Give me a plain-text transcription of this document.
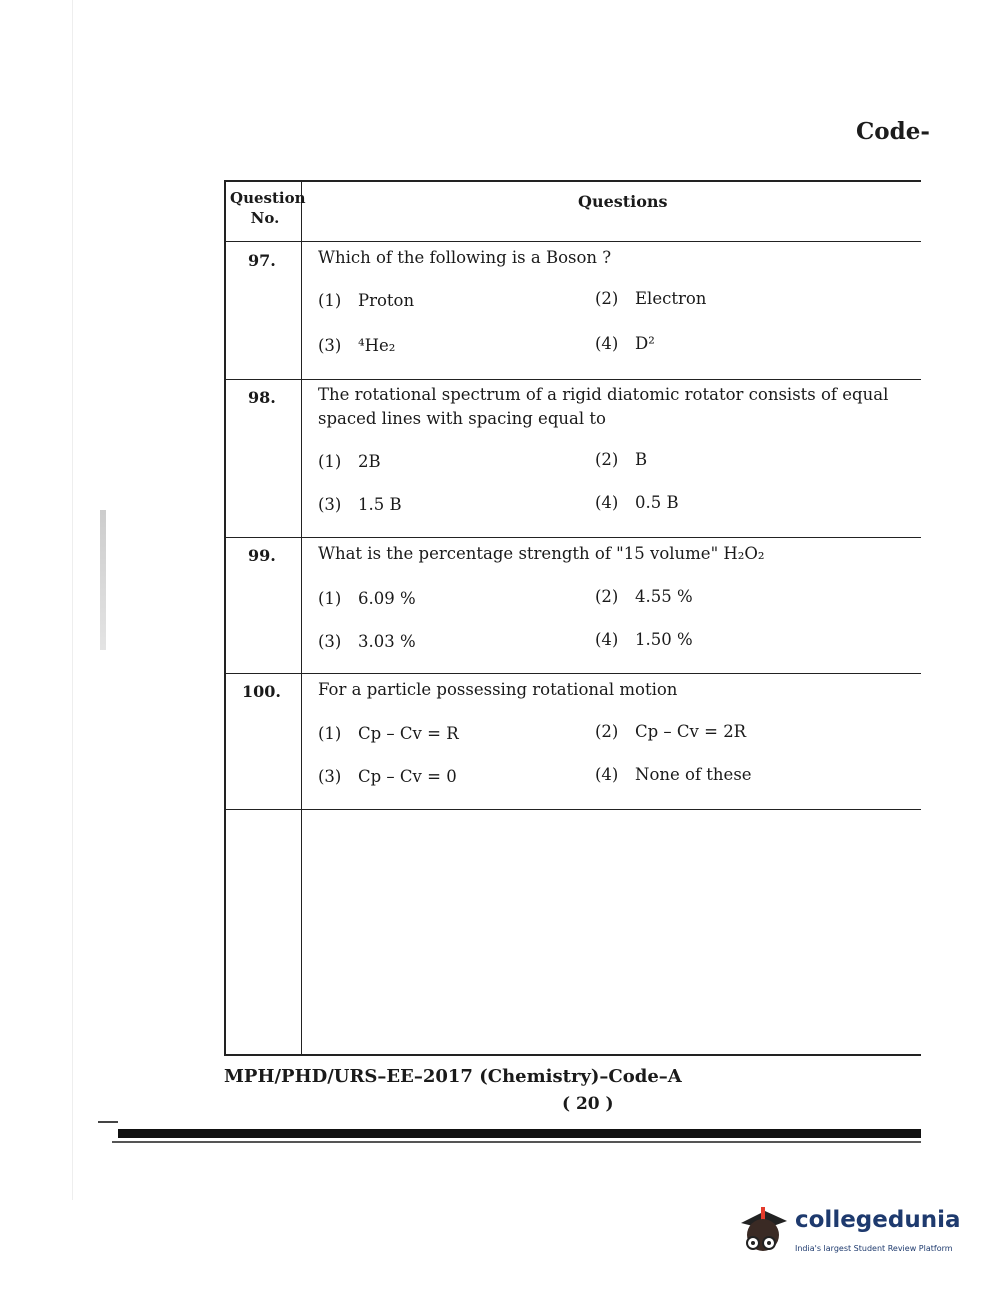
Code-
Question No.
Questions
97.	Which of the following is a Boson ?
(1) Proton	(2) Electron
(3) ⁴He₂	(4) D²
98.	The rotational spectrum of a rigid diatomic rotator consists of equal spaced lines with spacing equal to
(1) 2B	(2) B
(3) 1.5 B	(4) 0.5 B
99.	What is the percentage strength of "15 volume" H₂O₂
(1) 6.09 %	(2) 4.55 %
(3) 3.03 %	(4) 1.50 %
100. For a particle possessing rotational motion
(1) Cp – Cv = R	(2) Cp – Cv = 2R
(3) Cp – Cv = 0	(4) None of these
MPH/PHD/URS–EE–2017 (Chemistry)–Code–A
( 20 )
collegedunia
India's largest Student Review Platform
